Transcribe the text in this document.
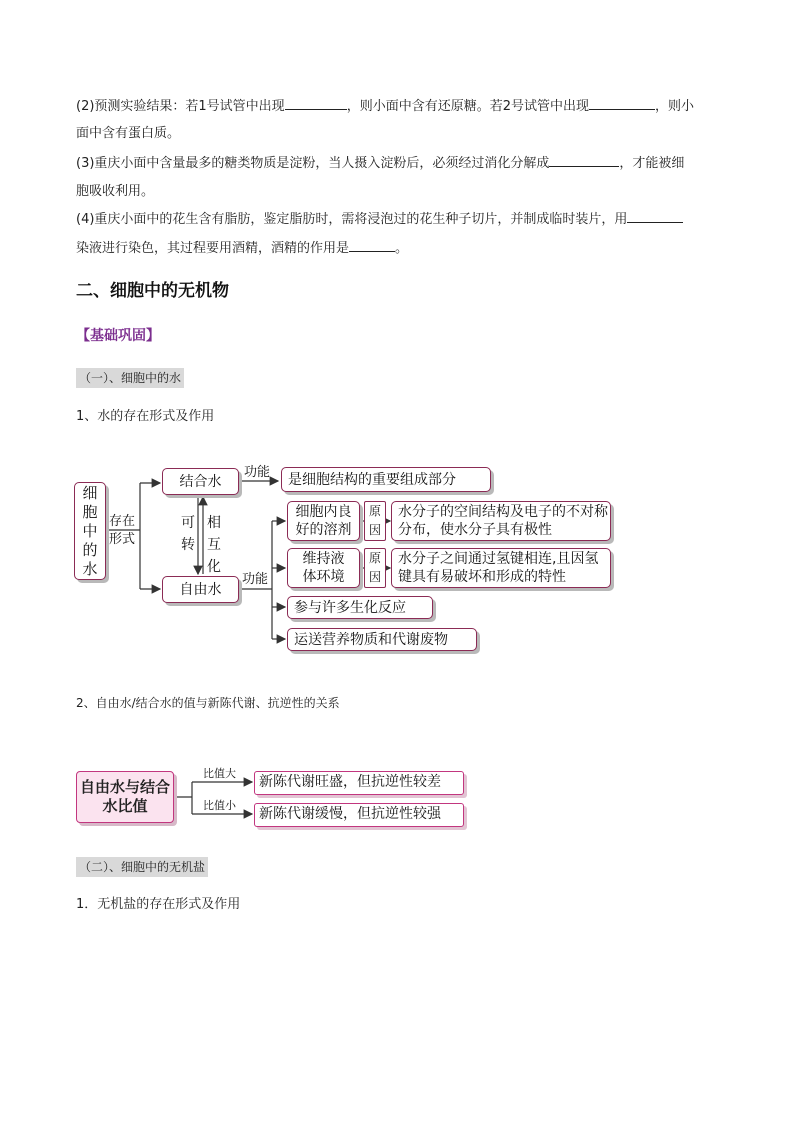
(2)预测实验结果：若1号试管中出现	，则小面中含有还原糖。若2号试管中出现	，则小
面中含有蛋白质。
(3)重庆小面中含量最多的糖类物质是淀粉，当人摄入淀粉后，必须经过消化分解成	，才能被细
胞吸收利用。
(4)重庆小面中的花生含有脂肪，鉴定脂肪时，需将浸泡过的花生种子切片，并制成临时装片，用
染液进行染色，其过程要用酒精，酒精的作用是	。
二、细胞中的无机物
【基础巩固】
（一）、细胞中的水
1、水的存在形式及作用
细胞中的水
存在形式
结合水
自由水
可转
相互化
功能
功能
是细胞结构的重要组成部分
细胞内良好的溶剂
原因
水分子的空间结构及电子的不对称分布，使水分子具有极性
维持液体环境
原因
水分子之间通过氢键相连,且因氢键具有易破坏和形成的特性
参与许多生化反应
运送营养物质和代谢废物
2、自由水/结合水的值与新陈代谢、抗逆性的关系
自由水与结合水比值
比值大
比值小
新陈代谢旺盛，但抗逆性较差
新陈代谢缓慢，但抗逆性较强
（二）、细胞中的无机盐
1．无机盐的存在形式及作用
